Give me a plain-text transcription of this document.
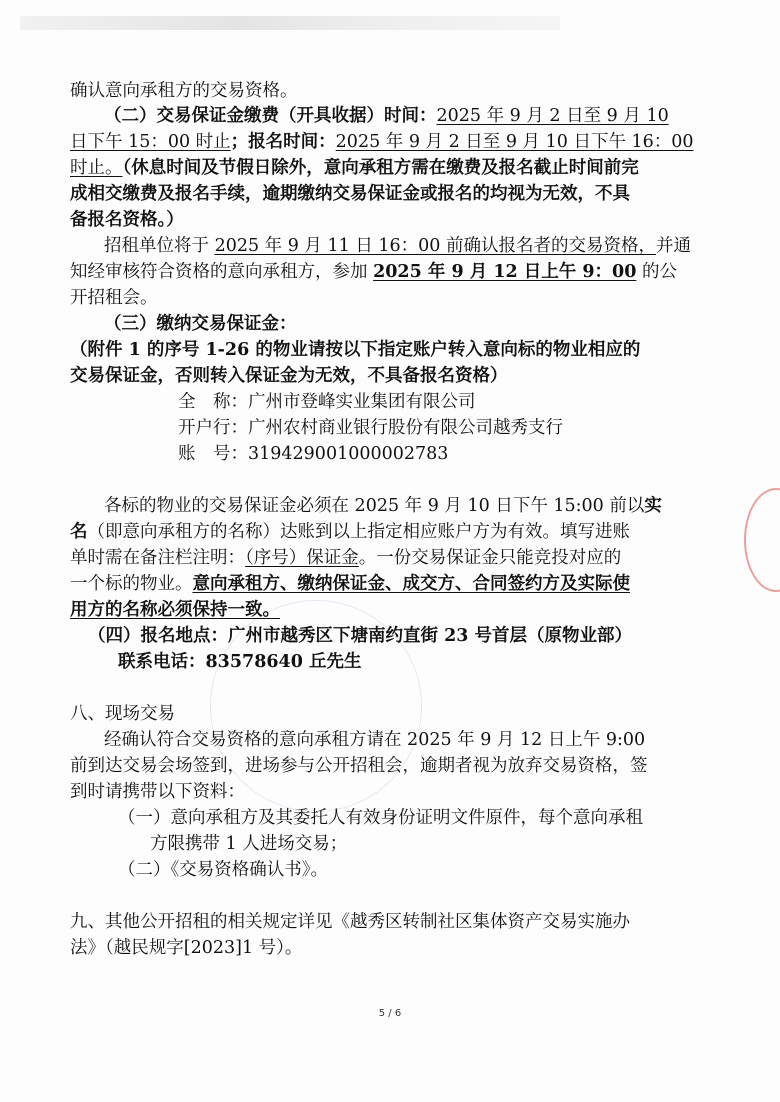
确认意向承租方的交易资格。
（二）交易保证金缴费（开具收据）时间：2025 年 9 月 2 日至 9 月 10
日下午 15：00 时止；报名时间：2025 年 9 月 2 日至 9 月 10 日下午 16：00
时止。（休息时间及节假日除外，意向承租方需在缴费及报名截止时间前完
成相交缴费及报名手续，逾期缴纳交易保证金或报名的均视为无效，不具
备报名资格。）
招租单位将于 2025 年 9 月 11 日 16：00 前确认报名者的交易资格，并通
知经审核符合资格的意向承租方，参加 2025 年 9 月 12 日上午 9：00 的公
开招租会。
（三）缴纳交易保证金：
（附件 1 的序号 1-26 的物业请按以下指定账户转入意向标的物业相应的
交易保证金，否则转入保证金为无效，不具备报名资格）
全　称：广州市登峰实业集团有限公司
开户行：广州农村商业银行股份有限公司越秀支行
账　号：319429001000002783
各标的物业的交易保证金必须在 2025 年 9 月 10 日下午 15:00 前以实
名（即意向承租方的名称）达账到以上指定相应账户方为有效。填写进账
单时需在备注栏注明：（序号）保证金。一份交易保证金只能竞投对应的
一个标的物业。意向承租方、缴纳保证金、成交方、合同签约方及实际使
用方的名称必须保持一致。
（四）报名地点：广州市越秀区下塘南约直街 23 号首层（原物业部）
联系电话：83578640 丘先生
八、现场交易
经确认符合交易资格的意向承租方请在 2025 年 9 月 12 日上午 9:00
前到达交易会场签到，进场参与公开招租会，逾期者视为放弃交易资格，签
到时请携带以下资料：
（一）意向承租方及其委托人有效身份证明文件原件，每个意向承租
方限携带 1 人进场交易；
（二）《交易资格确认书》。
九、其他公开招租的相关规定详见《越秀区转制社区集体资产交易实施办
法》（越民规字[2023]1 号）。
5 / 6
